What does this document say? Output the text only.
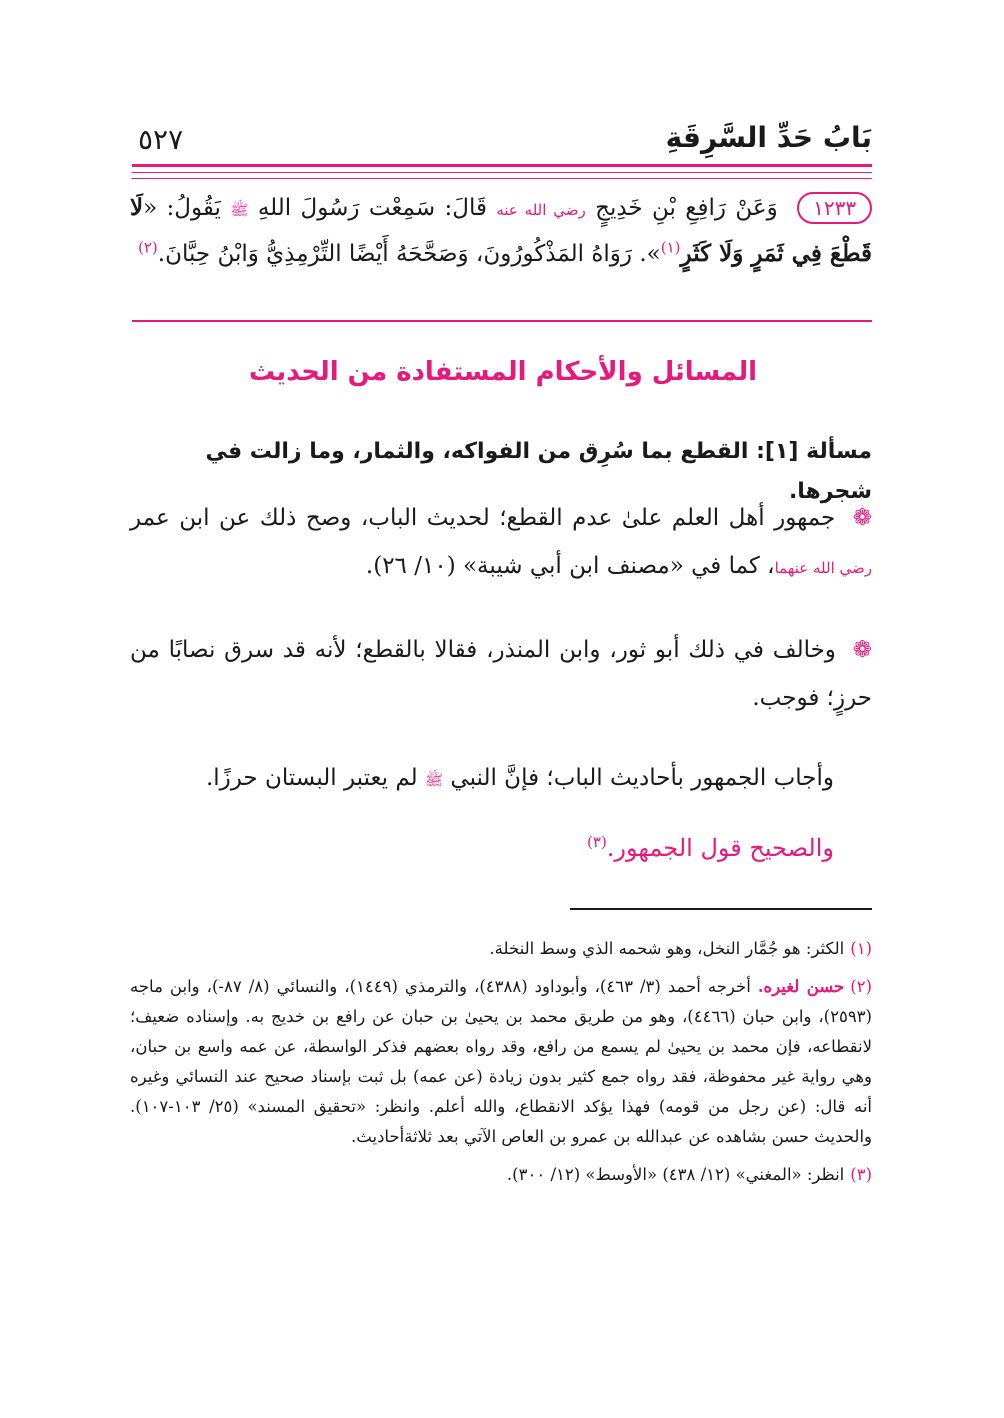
بَابُ حَدِّ السَّرِقَةِ
٥٢٧
١٢٣٣ وَعَنْ رَافِعِ بْنِ خَدِيجٍ رضي الله عنه قَالَ: سَمِعْت رَسُولَ اللهِ ﷺ يَقُولُ: «لَا قَطْعَ فِي ثَمَرٍ وَلَا كَثَرٍ$^{(١)}$». رَوَاهُ المَذْكُورُونَ، وَصَحَّحَهُ أَيْضًا التِّرْمِذِيُّ وَابْنُ حِبَّانَ.$^{(٢)}$
المسائل والأحكام المستفادة من الحديث
مسألة [١]: القطع بما سُرِق من الفواكه، والثمار، وما زالت في شجرها.
❁ جمهور أهل العلم علىٰ عدم القطع؛ لحديث الباب، وصح ذلك عن ابن عمر رضي الله عنهما، كما في «مصنف ابن أبي شيبة» (١٠/ ٢٦).
❁ وخالف في ذلك أبو ثور، وابن المنذر، فقالا بالقطع؛ لأنه قد سرق نصابًا من حرزٍ؛ فوجب.
وأجاب الجمهور بأحاديث الباب؛ فإنَّ النبي ﷺ لم يعتبر البستان حرزًا.
والصحيح قول الجمهور.$^{(٣)}$
(١)الكثر: هو جُمَّار النخل، وهو شحمه الذي وسط النخلة.
(٢)حسن لغيره. أخرجه أحمد (٣/ ٤٦٣)، وأبوداود (٤٣٨٨)، والترمذي (١٤٤٩)، والنسائي (٨/ ٨٧-)، وابن ماجه (٢٥٩٣)، وابن حبان (٤٤٦٦)، وهو من طريق محمد بن يحيىٰ بن حبان عن رافع بن خديج به. وإسناده ضعيف؛ لانقطاعه، فإن محمد بن يحيىٰ لم يسمع من رافع، وقد رواه بعضهم فذكر الواسطة، عن عمه واسع بن حبان، وهي رواية غير محفوظة، فقد رواه جمع كثير بدون زيادة (عن عمه) بل ثبت بإسناد صحيح عند النسائي وغيره أنه قال: (عن رجل من قومه) فهذا يؤكد الانقطاع، والله أعلم. وانظر: «تحقيق المسند» (٢٥/ ١٠٣-١٠٧). والحديث حسن بشاهده عن عبدالله بن عمرو بن العاص الآتي بعد ثلاثةأحاديث.
(٣)انظر: «المغني» (١٢/ ٤٣٨) «الأوسط» (١٢/ ٣٠٠).
